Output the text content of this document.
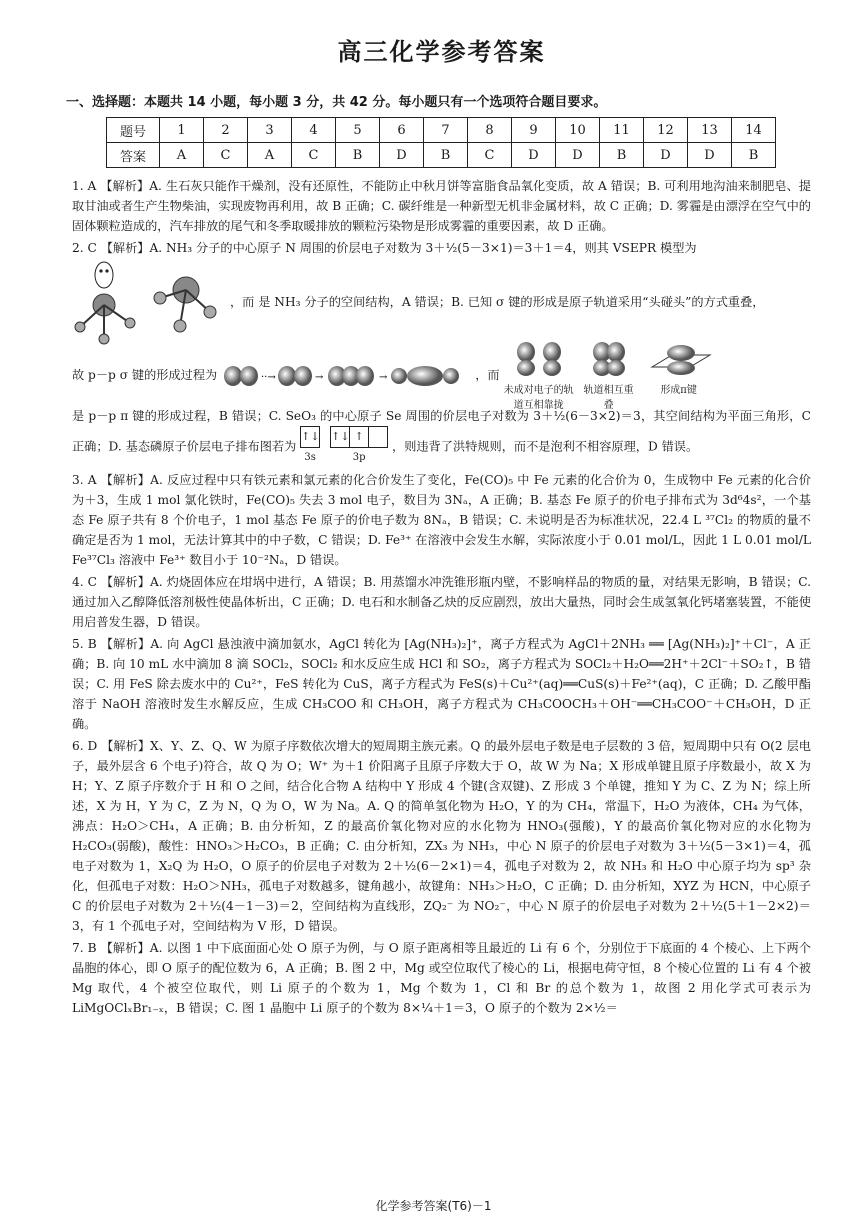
高三化学参考答案
一、选择题：本题共 14 小题，每小题 3 分，共 42 分。每小题只有一个选项符合题目要求。
题号	1	2	3	4	5	6	7	8	9	10	11	12	13	14
答案	A	C	A	C	B	D	B	C	D	D	B	D	D	B
1. A 【解析】A. 生石灰只能作干燥剂，没有还原性，不能防止中秋月饼等富脂食品氧化变质，故 A 错误；B. 可利用地沟油来制肥皂、提取甘油或者生产生物柴油，实现废物再利用，故 B 正确；C. 碳纤维是一种新型无机非金属材料，故 C 正确；D. 雾霾是由漂浮在空气中的固体颗粒造成的，汽车排放的尾气和冬季取暖排放的颗粒污染物是形成雾霾的重要因素，故 D 正确。
2. C 【解析】A. NH₃ 分子的中心原子 N 周围的价层电子对数为 3＋½(5－3×1)＝3＋1＝4，则其 VSEPR 模型为
，而 是 NH₃ 分子的空间结构，A 错误；B. 已知 σ 键的形成是原子轨道采用“头碰头”的方式重叠，
故 p－p σ 键的形成过程为	··→	→	→	，而
未成对电子的轨道互相靠拢
轨道相互重叠
形成π键
是 p－p π 键的形成过程，B 错误；C. SeO₃ 的中心原子 Se 周围的价层电子对数为 3＋½(6－3×2)＝3，其空间结构为平面三角形，C 正确；D. 基态磷原子价层电子排布图若为
↑↓
3s
↑↓ ↑
3p
，则违背了洪特规则，而不是泡利不相容原理，D 错误。
3. A 【解析】A. 反应过程中只有铁元素和氯元素的化合价发生了变化，Fe(CO)₅ 中 Fe 元素的化合价为 0，生成物中 Fe 元素的化合价为＋3，生成 1 mol 氯化铁时，Fe(CO)₅ 失去 3 mol 电子，数目为 3Nₐ，A 正确；B. 基态 Fe 原子的价电子排布式为 3d⁶4s²，一个基态 Fe 原子共有 8 个价电子，1 mol 基态 Fe 原子的价电子数为 8Nₐ，B 错误；C. 未说明是否为标准状况，22.4 L ³⁷Cl₂ 的物质的量不确定是否为 1 mol，无法计算其中的中子数，C 错误；D. Fe³⁺ 在溶液中会发生水解，实际浓度小于 0.01 mol/L，因此 1 L 0.01 mol/L Fe³⁷Cl₃ 溶液中 Fe³⁺ 数目小于 10⁻²Nₐ，D 错误。
4. C 【解析】A. 灼烧固体应在坩埚中进行，A 错误；B. 用蒸馏水冲洗锥形瓶内壁，不影响样品的物质的量，对结果无影响，B 错误；C. 通过加入乙醇降低溶剂极性使晶体析出，C 正确；D. 电石和水制备乙炔的反应剧烈，放出大量热，同时会生成氢氧化钙堵塞装置，不能使用启普发生器，D 错误。
5. B 【解析】A. 向 AgCl 悬浊液中滴加氨水，AgCl 转化为 [Ag(NH₃)₂]⁺，离子方程式为 AgCl＋2NH₃ ══ [Ag(NH₃)₂]⁺＋Cl⁻，A 正确；B. 向 10 mL 水中滴加 8 滴 SOCl₂，SOCl₂ 和水反应生成 HCl 和 SO₂，离子方程式为 SOCl₂＋H₂O══2H⁺＋2Cl⁻＋SO₂↑，B 错误；C. 用 FeS 除去废水中的 Cu²⁺，FeS 转化为 CuS，离子方程式为 FeS(s)＋Cu²⁺(aq)══CuS(s)＋Fe²⁺(aq)，C 正确；D. 乙酸甲酯溶于 NaOH 溶液时发生水解反应，生成 CH₃COO 和 CH₃OH，离子方程式为 CH₃COOCH₃＋OH⁻══CH₃COO⁻＋CH₃OH，D 正确。
6. D 【解析】X、Y、Z、Q、W 为原子序数依次增大的短周期主族元素。Q 的最外层电子数是电子层数的 3 倍，短周期中只有 O(2 层电子，最外层含 6 个电子)符合，故 Q 为 O；W⁺ 为＋1 价阳离子且原子序数大于 O，故 W 为 Na；X 形成单键且原子序数最小，故 X 为 H；Y、Z 原子序数介于 H 和 O 之间，结合化合物 A 结构中 Y 形成 4 个键(含双键)、Z 形成 3 个单键，推知 Y 为 C、Z 为 N；综上所述，X 为 H，Y 为 C，Z 为 N，Q 为 O，W 为 Na。A. Q 的简单氢化物为 H₂O，Y 的为 CH₄，常温下，H₂O 为液体，CH₄ 为气体，沸点：H₂O＞CH₄，A 正确；B. 由分析知，Z 的最高价氧化物对应的水化物为 HNO₃(强酸)，Y 的最高价氧化物对应的水化物为 H₂CO₃(弱酸)，酸性：HNO₃＞H₂CO₃，B 正确；C. 由分析知，ZX₃ 为 NH₃，中心 N 原子的价层电子对数为 3＋½(5－3×1)＝4，孤电子对数为 1，X₂Q 为 H₂O，O 原子的价层电子对数为 2＋½(6－2×1)＝4，孤电子对数为 2，故 NH₃ 和 H₂O 中心原子均为 sp³ 杂化，但孤电子对数：H₂O＞NH₃，孤电子对数越多，键角越小，故键角：NH₃＞H₂O，C 正确；D. 由分析知，XYZ 为 HCN，中心原子 C 的价层电子对数为 2＋½(4－1－3)＝2，空间结构为直线形，ZQ₂⁻ 为 NO₂⁻，中心 N 原子的价层电子对数为 2＋½(5＋1－2×2)＝3，有 1 个孤电子对，空间结构为 V 形，D 错误。
7. B 【解析】A. 以图 1 中下底面面心处 O 原子为例，与 O 原子距离相等且最近的 Li 有 6 个，分别位于下底面的 4 个棱心、上下两个晶胞的体心，即 O 原子的配位数为 6，A 正确；B. 图 2 中，Mg 或空位取代了棱心的 Li，根据电荷守恒，8 个棱心位置的 Li 有 4 个被 Mg 取代，4 个被空位取代，则 Li 原子的个数为 1，Mg 个数为 1，Cl 和 Br 的总个数为 1，故图 2 用化学式可表示为 LiMgOClₓBr₁₋ₓ，B 错误；C. 图 1 晶胞中 Li 原子的个数为 8×¼＋1＝3，O 原子的个数为 2×½＝
化学参考答案(T6)－1
